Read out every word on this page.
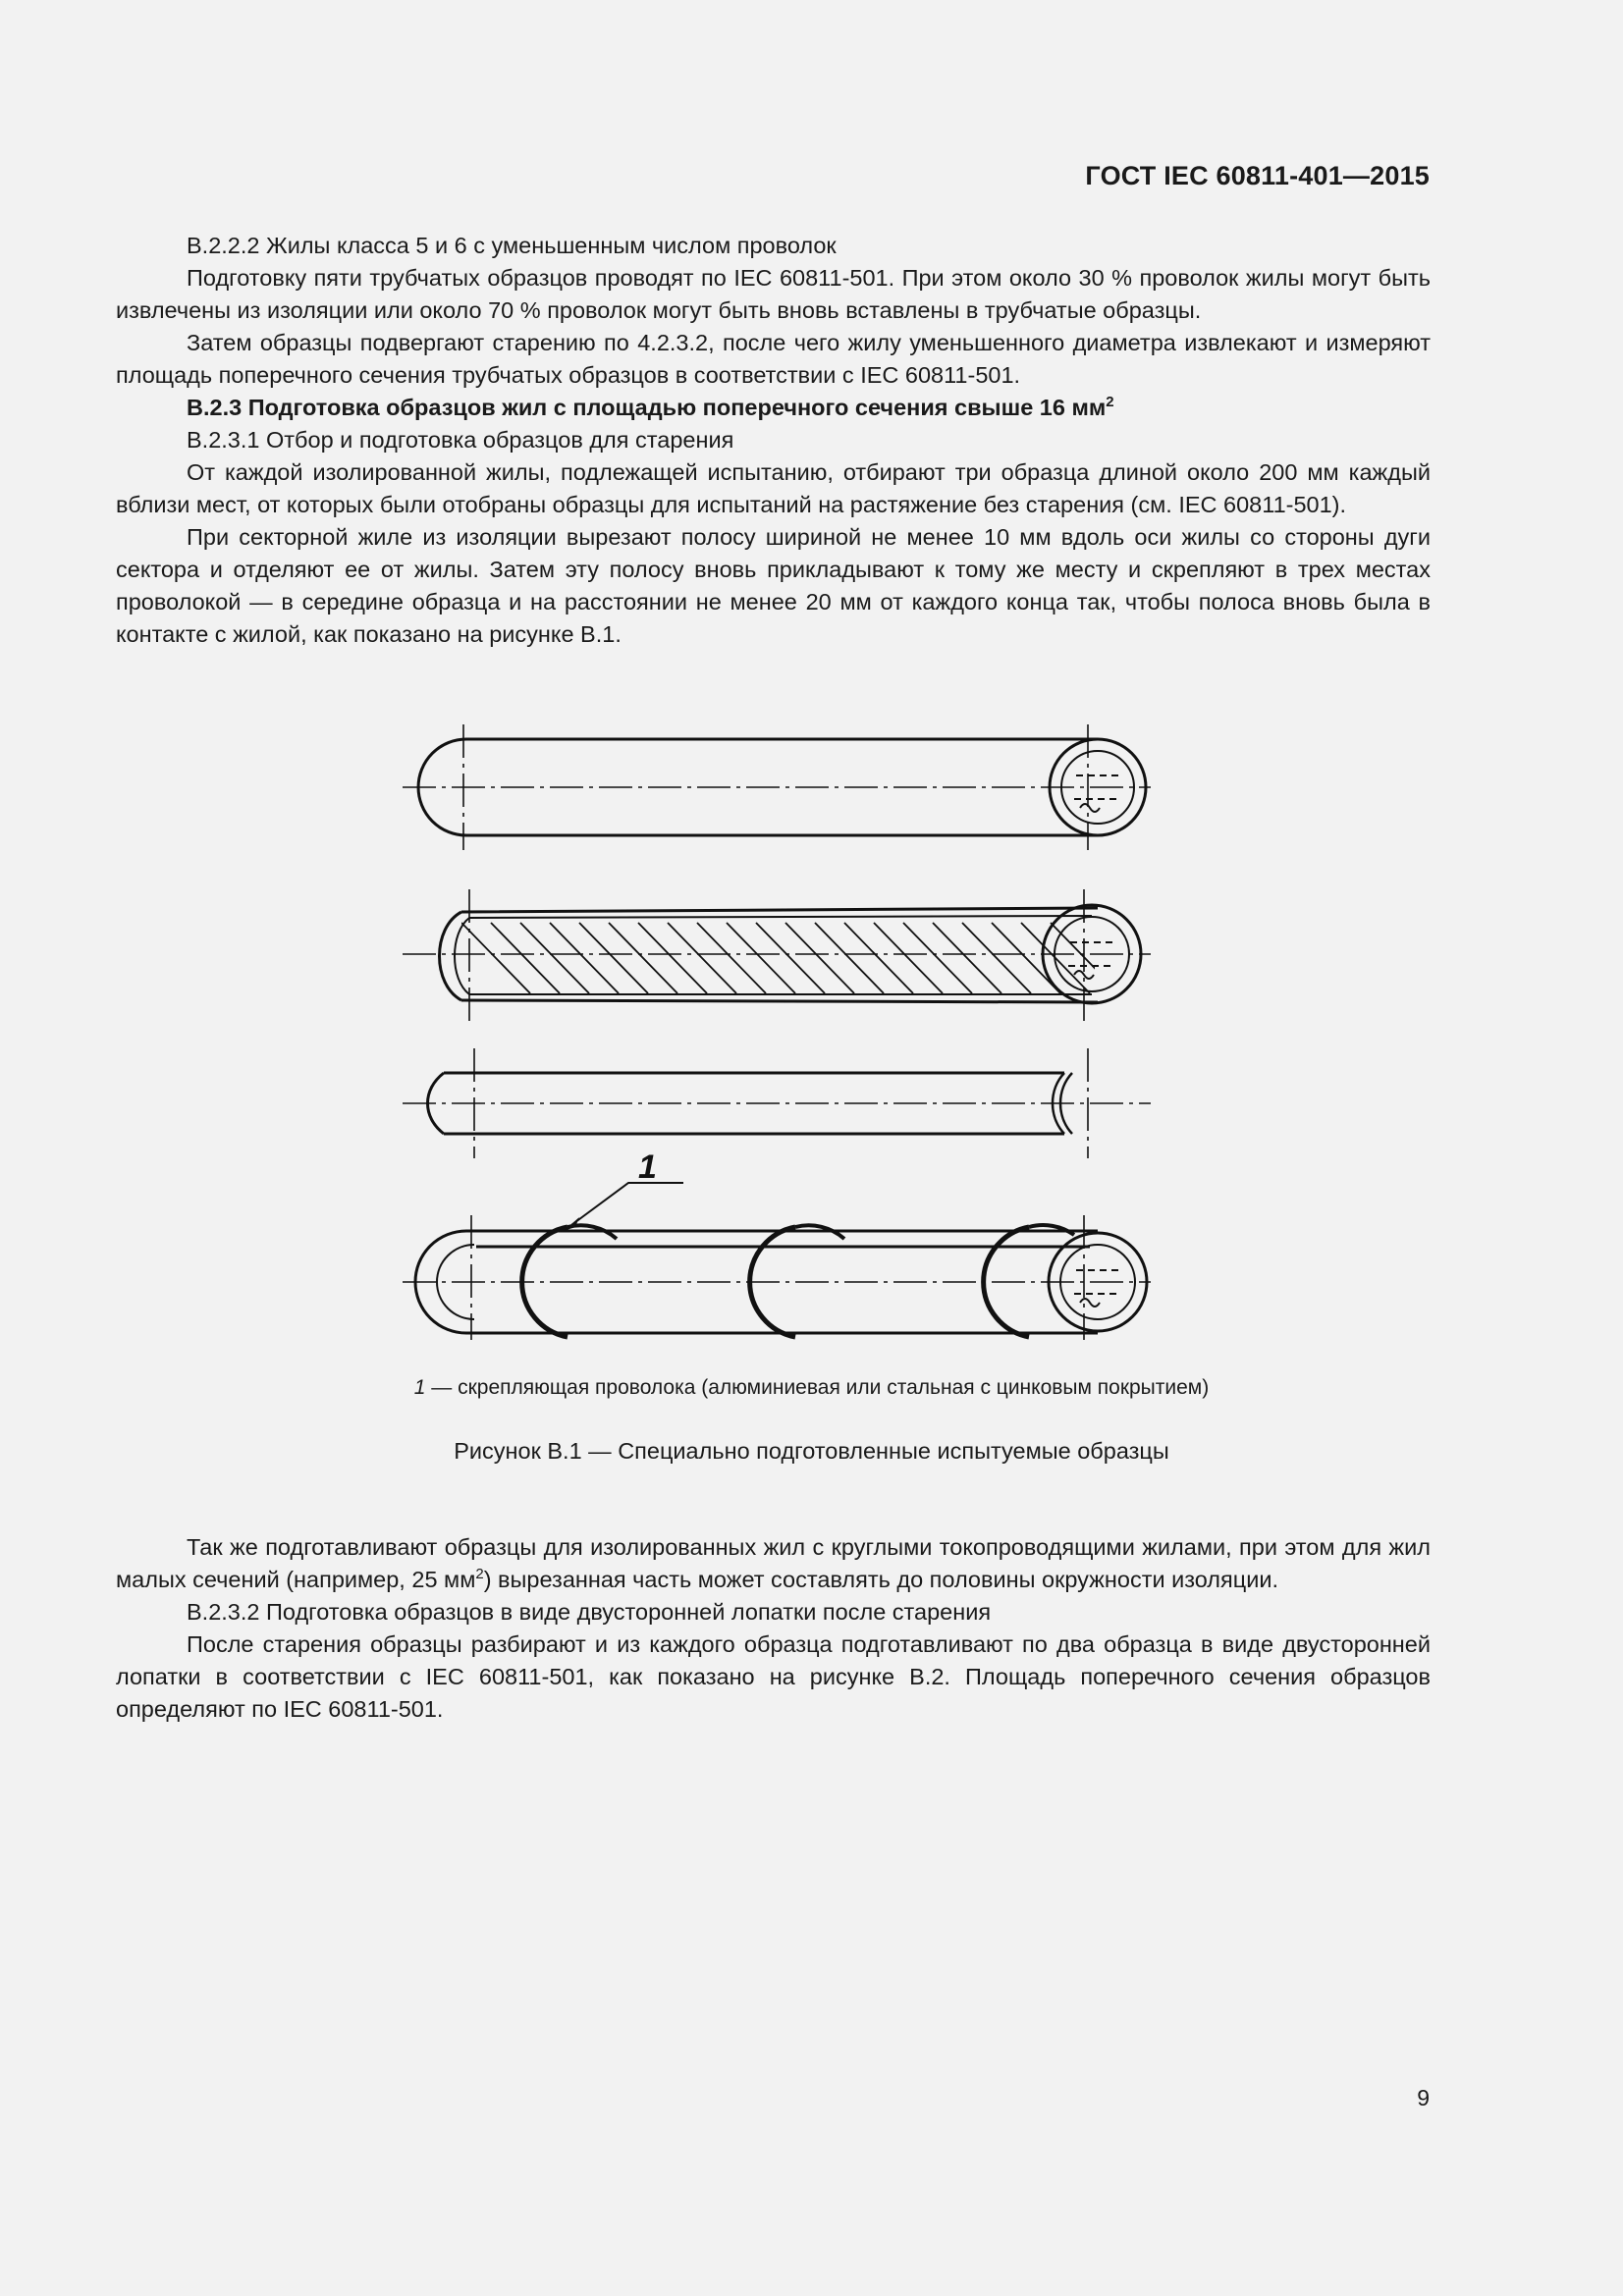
ГОСТ IEC 60811-401—2015

В.2.2.2 Жилы класса 5 и 6 с уменьшенным числом проволок

Подготовку пяти трубчатых образцов проводят по IEC 60811-501. При этом около 30 % проволок жилы могут быть извлечены из изоляции или около 70 % проволок могут быть вновь вставлены в трубчатые образцы.

Затем образцы подвергают старению по 4.2.3.2, после чего жилу уменьшенного диаметра извлекают и измеряют площадь поперечного сечения трубчатых образцов в соответствии с IEC 60811-501.

В.2.3 Подготовка образцов жил с площадью поперечного сечения свыше 16 $мм^2$

В.2.3.1 Отбор и подготовка образцов для старения

От каждой изолированной жилы, подлежащей испытанию, отбирают три образца длиной около 200 мм каждый вблизи мест, от которых были отобраны образцы для испытаний на растяжение без старения (см. IEC 60811-501).

При секторной жиле из изоляции вырезают полосу шириной не менее 10 мм вдоль оси жилы со стороны дуги сектора и отделяют ее от жилы. Затем эту полосу вновь прикладывают к тому же месту и скрепляют в трех местах проволокой — в середине образца и на расстоянии не менее 20 мм от каждого конца так, чтобы полоса вновь была в контакте с жилой, как показано на рисунке В.1.

1
1 — скрепляющая проволока (алюминиевая или стальная с цинковым покрытием)
Рисунок В.1 — Специально подготовленные испытуемые образцы

Так же подготавливают образцы для изолированных жил с круглыми токопроводящими жилами, при этом для жил малых сечений (например, 25 $мм^2$) вырезанная часть может составлять до половины окружности изоляции.

В.2.3.2 Подготовка образцов в виде двусторонней лопатки после старения

После старения образцы разбирают и из каждого образца подготавливают по два образца в виде двусторонней лопатки в соответствии с IEC 60811-501, как показано на рисунке В.2. Площадь поперечного сечения образцов определяют по IEC 60811-501.

9
